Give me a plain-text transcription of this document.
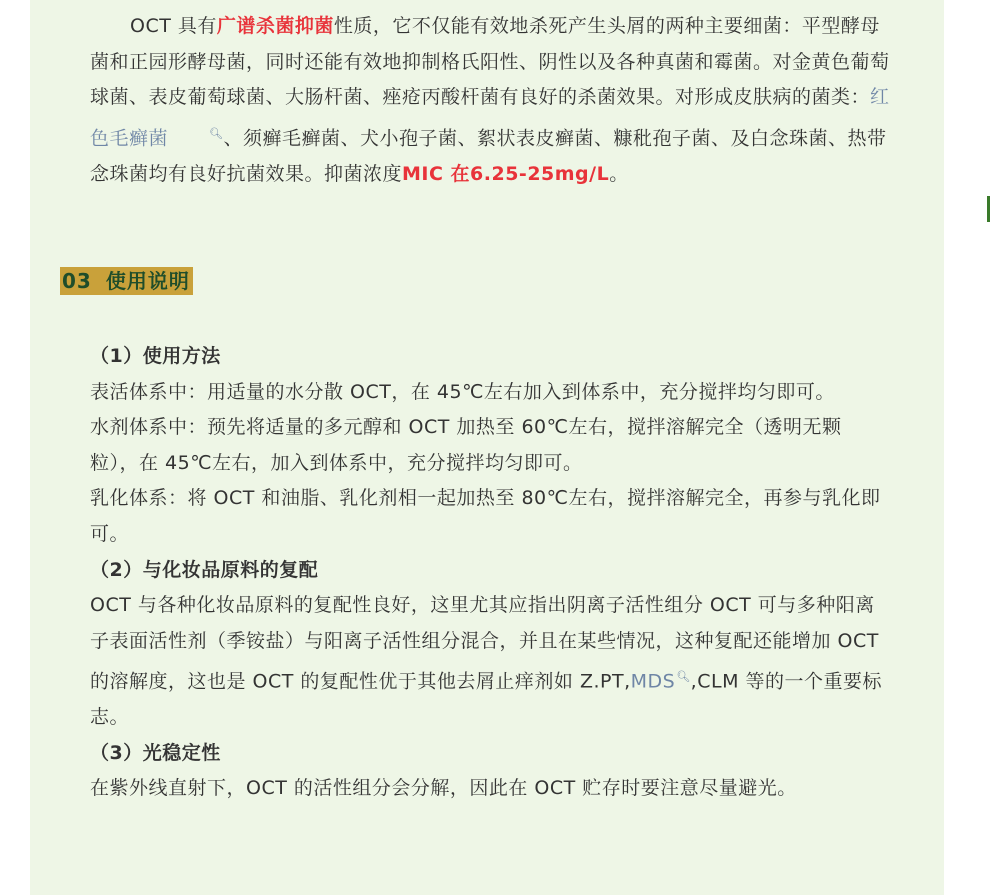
OCT 具有广谱杀菌抑菌性质，它不仅能有效地杀死产生头屑的两种主要细菌：平型酵母菌和正园形酵母菌，同时还能有效地抑制格氏阳性、阴性以及各种真菌和霉菌。对金黄色葡萄球菌、表皮葡萄球菌、大肠杆菌、痤疮丙酸杆菌有良好的杀菌效果。对形成皮肤病的菌类：红色毛癣菌	🔍︎、须癣毛癣菌、犬小孢子菌、絮状表皮癣菌、糠秕孢子菌、及白念珠菌、热带念珠菌均有良好抗菌效果。抑菌浓度MIC 在6.25-25mg/L。

03 使用说明

（1）使用方法

表活体系中：用适量的水分散 OCT，在 45℃左右加入到体系中，充分搅拌均匀即可。

水剂体系中：预先将适量的多元醇和 OCT 加热至 60℃左右，搅拌溶解完全（透明无颗粒），在 45℃左右，加入到体系中，充分搅拌均匀即可。

乳化体系：将 OCT 和油脂、乳化剂相一起加热至 80℃左右，搅拌溶解完全，再参与乳化即可。

（2）与化妆品原料的复配

OCT 与各种化妆品原料的复配性良好，这里尤其应指出阴离子活性组分 OCT 可与多种阳离子表面活性剂（季铵盐）与阳离子活性组分混合，并且在某些情况，这种复配还能增加 OCT 的溶解度，这也是 OCT 的复配性优于其他去屑止痒剂如 Z.PT,MDS🔍︎,CLM 等的一个重要标志。

（3）光稳定性

在紫外线直射下，OCT 的活性组分会分解，因此在 OCT 贮存时要注意尽量避光。
